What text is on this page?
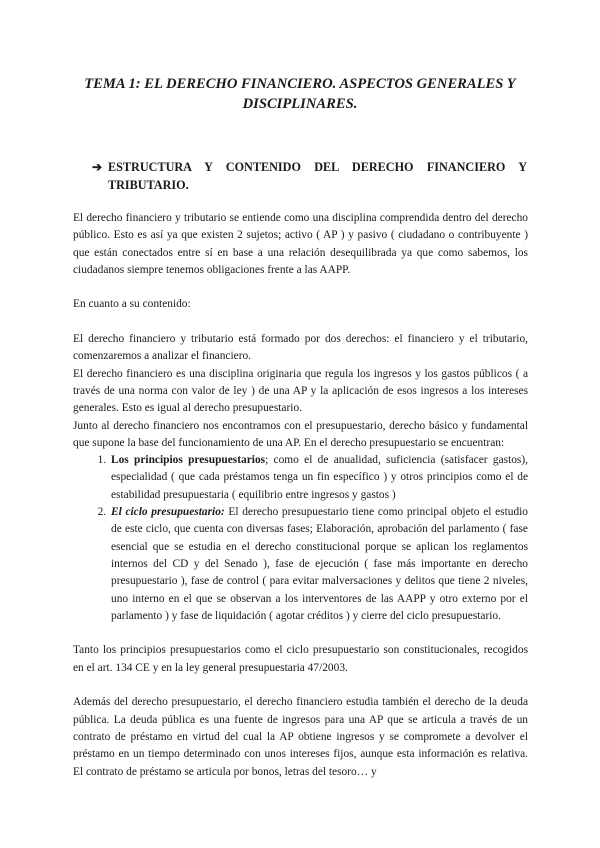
TEMA 1: EL DERECHO FINANCIERO. ASPECTOS GENERALES Y DISCIPLINARES.
➔ ESTRUCTURA Y CONTENIDO DEL DERECHO FINANCIERO Y TRIBUTARIO.

El derecho financiero y tributario se entiende como una disciplina comprendida dentro del derecho público. Esto es así ya que existen 2 sujetos; activo ( AP ) y pasivo ( ciudadano o contribuyente ) que están conectados entre sí en base a una relación desequilibrada ya que como sabemos, los ciudadanos siempre tenemos obligaciones frente a las AAPP.

En cuanto a su contenido:

El derecho financiero y tributario está formado por dos derechos: el financiero y el tributario, comenzaremos a analizar el financiero.

El derecho financiero es una disciplina originaria que regula los ingresos y los gastos públicos ( a través de una norma con valor de ley ) de una AP y la aplicación de esos ingresos a los intereses generales. Esto es igual al derecho presupuestario.

Junto al derecho financiero nos encontramos con el presupuestario, derecho básico y fundamental que supone la base del funcionamiento de una AP. En el derecho presupuestario se encuentran:

1. Los principios presupuestarios; como el de anualidad, suficiencia (satisfacer gastos), especialidad ( que cada préstamos tenga un fin específico ) y otros principios como el de estabilidad presupuestaria ( equilibrio entre ingresos y gastos )
2. El ciclo presupuestario: El derecho presupuestario tiene como principal objeto el estudio de este ciclo, que cuenta con diversas fases; Elaboración, aprobación del parlamento ( fase esencial que se estudia en el derecho constitucional porque se aplican los reglamentos internos del CD y del Senado ), fase de ejecución ( fase más importante en derecho presupuestario ), fase de control ( para evitar malversaciones y delitos que tiene 2 niveles, uno interno en el que se observan a los interventores de las AAPP y otro externo por el parlamento ) y fase de liquidación ( agotar créditos ) y cierre del ciclo presupuestario.

Tanto los principios presupuestarios como el ciclo presupuestario son constitucionales, recogidos en el art. 134 CE y en la ley general presupuestaria 47/2003.

Además del derecho presupuestario, el derecho financiero estudia también el derecho de la deuda pública. La deuda pública es una fuente de ingresos para una AP que se articula a través de un contrato de préstamo en virtud del cual la AP obtiene ingresos y se compromete a devolver el préstamo en un tiempo determinado con unos intereses fijos, aunque esta información es relativa. El contrato de préstamo se articula por bonos, letras del tesoro… y
